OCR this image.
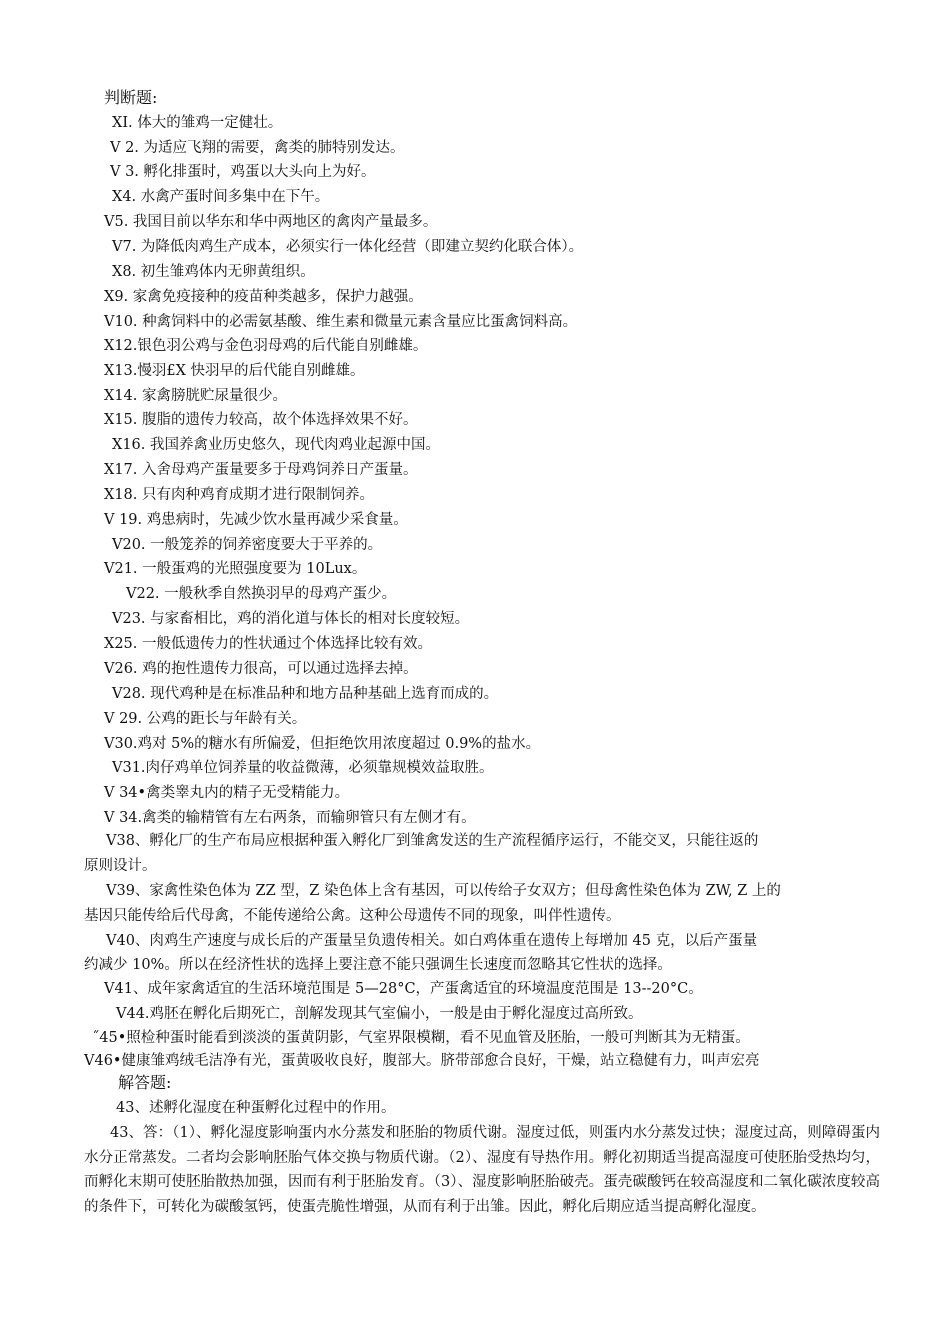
判断题:
XI. 体大的雏鸡一定健壮。
V 2. 为适应飞翔的需要，禽类的肺特别发达。
V 3. 孵化排蛋时，鸡蛋以大头向上为好。
X4. 水禽产蛋时间多集中在下午。
V5. 我国目前以华东和华中两地区的禽肉产量最多。
V7. 为降低肉鸡生产成本，必须实行一体化经营（即建立契约化联合体）。
X8. 初生雏鸡体内无卵黄组织。
X9. 家禽免疫接种的疫苗种类越多，保护力越强。
V10. 种禽饲料中的必需氨基酸、维生素和微量元素含量应比蛋禽饲料高。
X12.银色羽公鸡与金色羽母鸡的后代能自别雌雄。
X13.慢羽£X 快羽早的后代能自别雌雄。
X14. 家禽膀胱贮尿量很少。
X15. 腹脂的遗传力较高，故个体选择效果不好。
X16. 我国养禽业历史悠久，现代肉鸡业起源中国。
X17. 入舍母鸡产蛋量要多于母鸡饲养日产蛋量。
X18. 只有肉种鸡育成期才进行限制饲养。
V 19. 鸡患病时，先减少饮水量再减少采食量。
V20. 一般笼养的饲养密度要大于平养的。
V21. 一般蛋鸡的光照强度要为 10Lux。
V22. 一般秋季自然换羽早的母鸡产蛋少。
V23. 与家畜相比，鸡的消化道与体长的相对长度较短。
X25. 一般低遗传力的性状通过个体选择比较有效。
V26. 鸡的抱性遗传力很高，可以通过选择去掉。
V28. 现代鸡种是在标准品种和地方品种基础上选育而成的。
V 29. 公鸡的距长与年龄有关。
V30.鸡对 5%的糖水有所偏爱，但拒绝饮用浓度超过 0.9%的盐水。
V31.肉仔鸡单位饲养量的收益微薄，必须靠规模效益取胜。
V 34•禽类睾丸内的精子无受精能力。
V 34.禽类的输精管有左右两条，而输卵管只有左侧才有。
V38、孵化厂的生产布局应根据种蛋入孵化厂到雏禽发送的生产流程循序运行，不能交叉，只能往返的
原则设计。
V39、家禽性染色体为 ZZ 型，Z 染色体上含有基因，可以传给子女双方；但母禽性染色体为 ZW, Z 上的
基因只能传给后代母禽，不能传递给公禽。这种公母遗传不同的现象，叫伴性遗传。
V40、肉鸡生产速度与成长后的产蛋量呈负遗传相关。如白鸡体重在遗传上每增加 45 克，以后产蛋量
约减少 10%。所以在经济性状的选择上要注意不能只强调生长速度而忽略其它性状的选择。
V41、成年家禽适宜的生活环境范围是 5—28°C，产蛋禽适宜的环境温度范围是 13--20°C。
V44.鸡胚在孵化后期死亡，剖解发现其气室偏小，一般是由于孵化湿度过高所致。
˝45•照检种蛋时能看到淡淡的蛋黄阴影，气室界限模糊，看不见血管及胚胎，一般可判断其为无精蛋。
V46•健康雏鸡绒毛洁净有光，蛋黄吸收良好，腹部大。脐带部愈合良好，干燥，站立稳健有力，叫声宏亮
解答题:
43、述孵化湿度在种蛋孵化过程中的作用。
43、答：（1）、孵化湿度影响蛋内水分蒸发和胚胎的物质代谢。湿度过低，则蛋内水分蒸发过快；湿度过高，则障碍蛋内水分正常蒸发。二者均会影响胚胎气体交换与物质代谢。（2）、湿度有导热作用。孵化初期适当提高湿度可使胚胎受热均匀，而孵化末期可使胚胎散热加强，因而有利于胚胎发育。（3）、湿度影响胚胎破壳。蛋壳碳酸钙在较高湿度和二氧化碳浓度较高的条件下，可转化为碳酸氢钙，使蛋壳脆性增强，从而有利于出雏。因此，孵化后期应适当提高孵化湿度。
